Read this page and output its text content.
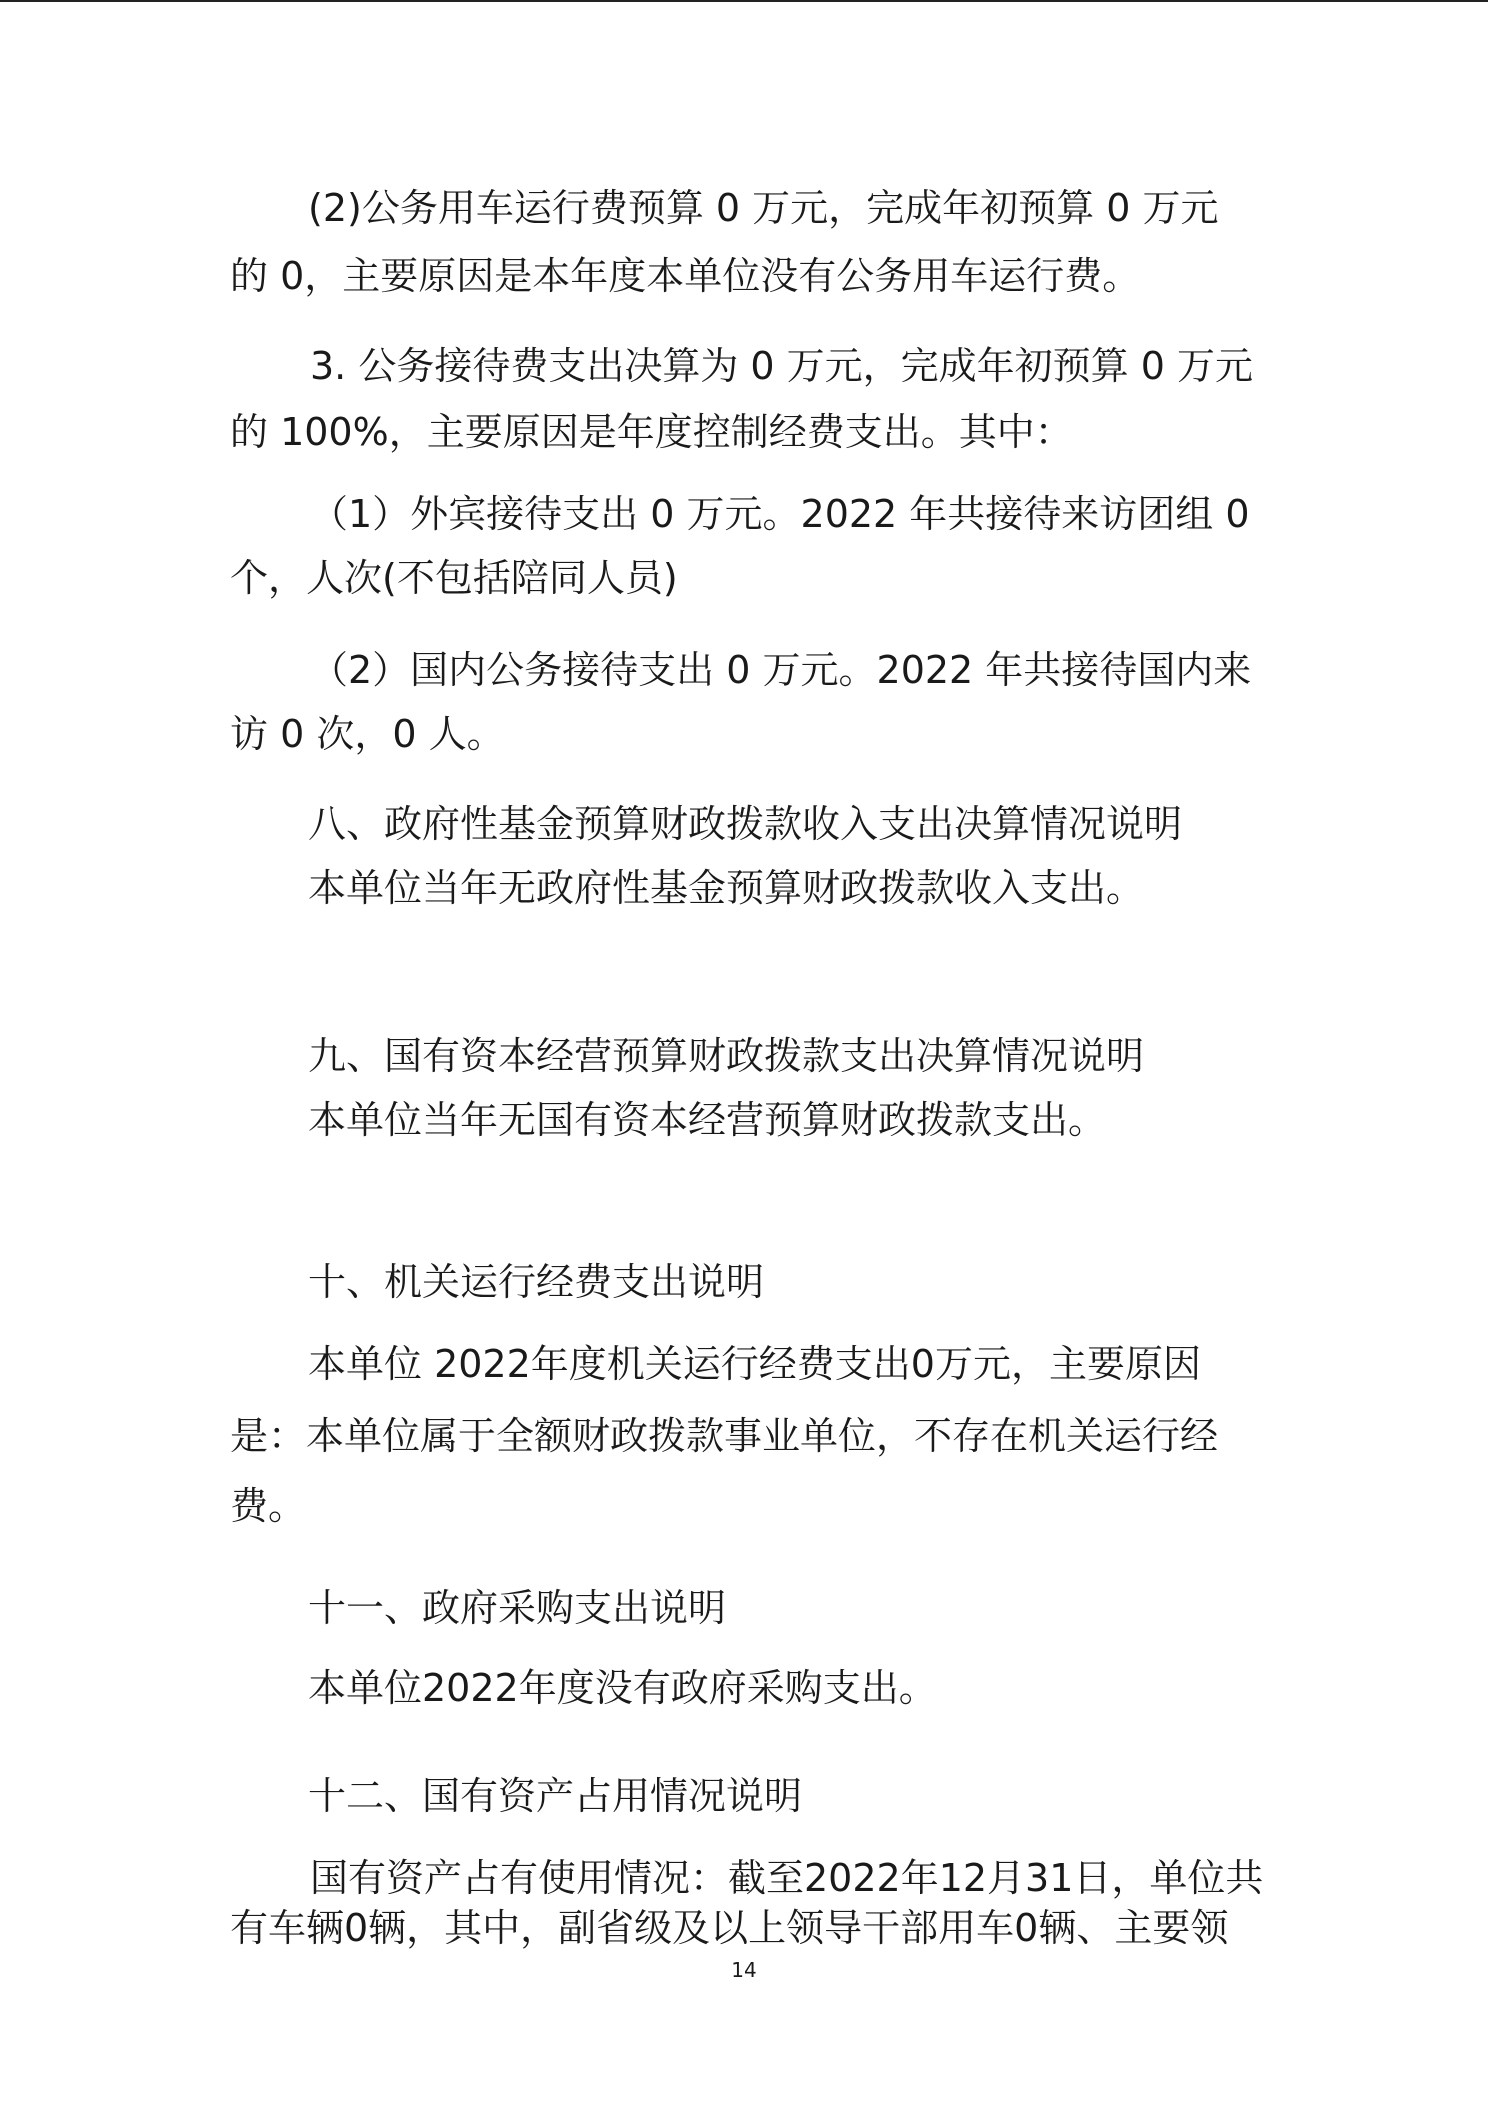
(2)公务用车运行费预算 0 万元，完成年初预算 0 万元

的 0，主要原因是本年度本单位没有公务用车运行费。

3. 公务接待费支出决算为 0 万元，完成年初预算 0 万元

的 100%，主要原因是年度控制经费支出。其中：

（1）外宾接待支出 0 万元。2022 年共接待来访团组 0

个，人次(不包括陪同人员)

（2）国内公务接待支出 0 万元。2022 年共接待国内来

访 0 次，0 人。

八、政府性基金预算财政拨款收入支出决算情况说明

本单位当年无政府性基金预算财政拨款收入支出。

九、国有资本经营预算财政拨款支出决算情况说明

本单位当年无国有资本经营预算财政拨款支出。

十、机关运行经费支出说明

本单位 2022年度机关运行经费支出0万元，主要原因

是：本单位属于全额财政拨款事业单位，不存在机关运行经

费。

十一、政府采购支出说明

本单位2022年度没有政府采购支出。

十二、国有资产占用情况说明

国有资产占有使用情况：截至2022年12月31日，单位共

有车辆0辆，其中，副省级及以上领导干部用车0辆、主要领

14
